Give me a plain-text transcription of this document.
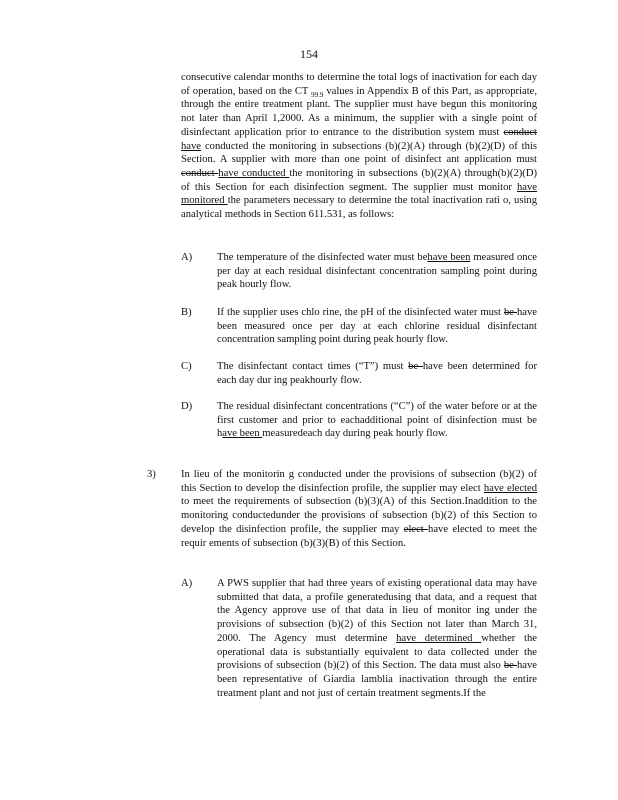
154
consecutive calendar months to determine the total logs of inactivation for each day of operation, based on the CT $_{99.9}$ values in Appendix B of this Part, as appropriate, through the entire treatment plant. The supplier must have begun this monitoring not later than April 1,2000. As a minimum, the supplier with a single point of disinfectant application prior to entrance to the distribution system must conduct have conducted the monitoring in subsections (b)(2)(A) through (b)(2)(D) of this Section. A supplier with more than one point of disinfect ant application must conduct have conducted the monitoring in subsections (b)(2)(A) through(b)(2)(D) of this Section for each disinfection segment. The supplier must monitor have monitored the parameters necessary to determine the total inactivation rati o, using analytical methods in Section 611.531, as follows:
A) The temperature of the disinfected water must behave been measured once per day at each residual disinfectant concentration sampling point during peak hourly flow.
B) If the supplier uses chlo rine, the pH of the disinfected water must be have been measured once per day at each chlorine residual disinfectant concentration sampling point during peak hourly flow.
C) The disinfectant contact times (“T”) must be have been determined for each day dur ing peakhourly flow.
D) The residual disinfectant concentrations (“C”) of the water before or at the first customer and prior to eachadditional point of disinfection must be have been measuredeach day during peak hourly flow.
3) In lieu of the monitorin g conducted under the provisions of subsection (b)(2) of this Section to develop the disinfection profile, the supplier may elect have elected to meet the requirements of subsection (b)(3)(A) of this Section.Inaddition to the monitoring conductedunder the provisions of subsection (b)(2) of this Section to develop the disinfection profile, the supplier may elect have elected to meet the requir ements of subsection (b)(3)(B) of this Section.
A) A PWS supplier that had three years of existing operational data may have submitted that data, a profile generatedusing that data, and a request that the Agency approve use of that data in lieu of monitor ing under the provisions of subsection (b)(2) of this Section not later than March 31, 2000. The Agency must determine have determined whether the operational data is substantially equivalent to data collected under the provisions of subsection (b)(2) of this Section. The data must also be have been representative of Giardia lamblia inactivation through the entire treatment plant and not just of certain treatment segments.If the
